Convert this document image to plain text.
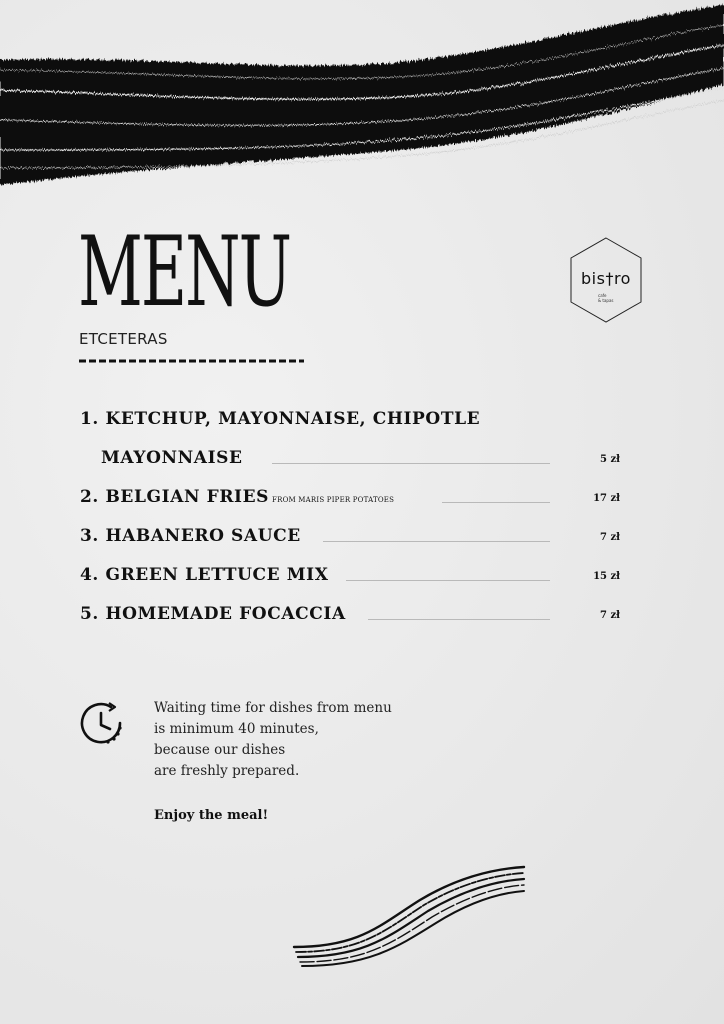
MENU
ETCETERAS
bis†ro
cafe
& tapas
1. KETCHUP, MAYONNAISE, CHIPOTLE
MAYONNAISE	5 zł
2. BELGIAN FRIES FROM MARIS PIPER POTATOES	17 zł
3. HABANERO SAUCE	7 zł
4. GREEN LETTUCE MIX	15 zł
5. HOMEMADE FOCACCIA	7 zł
Waiting time for dishes from menu
is minimum 40 minutes,
because our dishes
are freshly prepared.
Enjoy the meal!
